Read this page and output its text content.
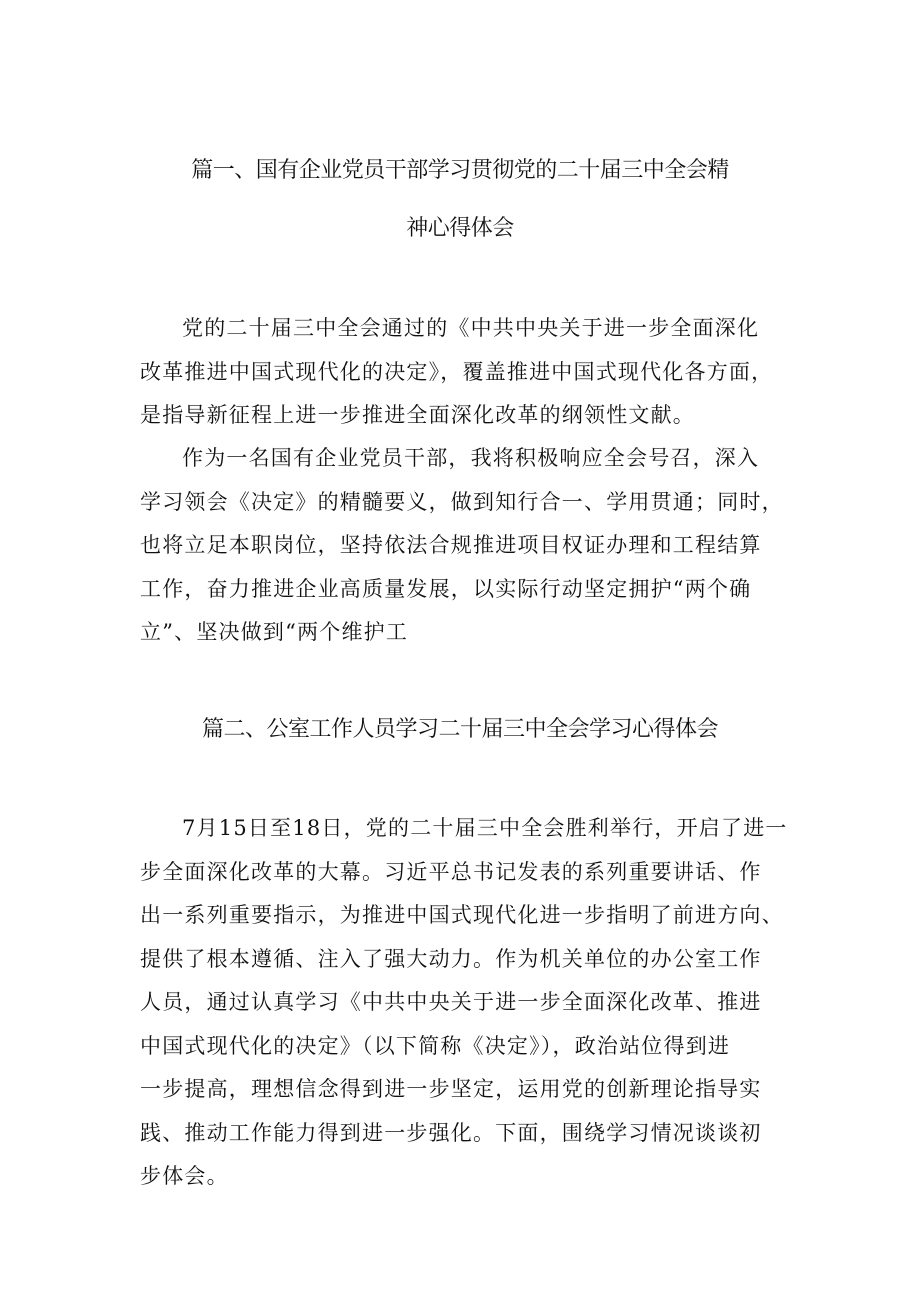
篇一、国有企业党员干部学习贯彻党的二十届三中全会精
神心得体会
党的二十届三中全会通过的《中共中央关于进一步全面深化
改革推进中国式现代化的决定》，覆盖推进中国式现代化各方面，
是指导新征程上进一步推进全面深化改革的纲领性文献。
作为一名国有企业党员干部，我将积极响应全会号召，深入
学习领会《决定》的精髓要义，做到知行合一、学用贯通；同时，
也将立足本职岗位，坚持依法合规推进项目权证办理和工程结算
工作，奋力推进企业高质量发展，以实际行动坚定拥护“两个确
立”、坚决做到“两个维护工
篇二、公室工作人员学习二十届三中全会学习心得体会
7月15日至18日，党的二十届三中全会胜利举行，开启了进一
步全面深化改革的大幕。习近平总书记发表的系列重要讲话、作
出一系列重要指示，为推进中国式现代化进一步指明了前进方向、
提供了根本遵循、注入了强大动力。作为机关单位的办公室工作
人员，通过认真学习《中共中央关于进一步全面深化改革、推进
中国式现代化的决定》（以下简称《决定》），政治站位得到进
一步提高，理想信念得到进一步坚定，运用党的创新理论指导实
践、推动工作能力得到进一步强化。下面，围绕学习情况谈谈初
步体会。
